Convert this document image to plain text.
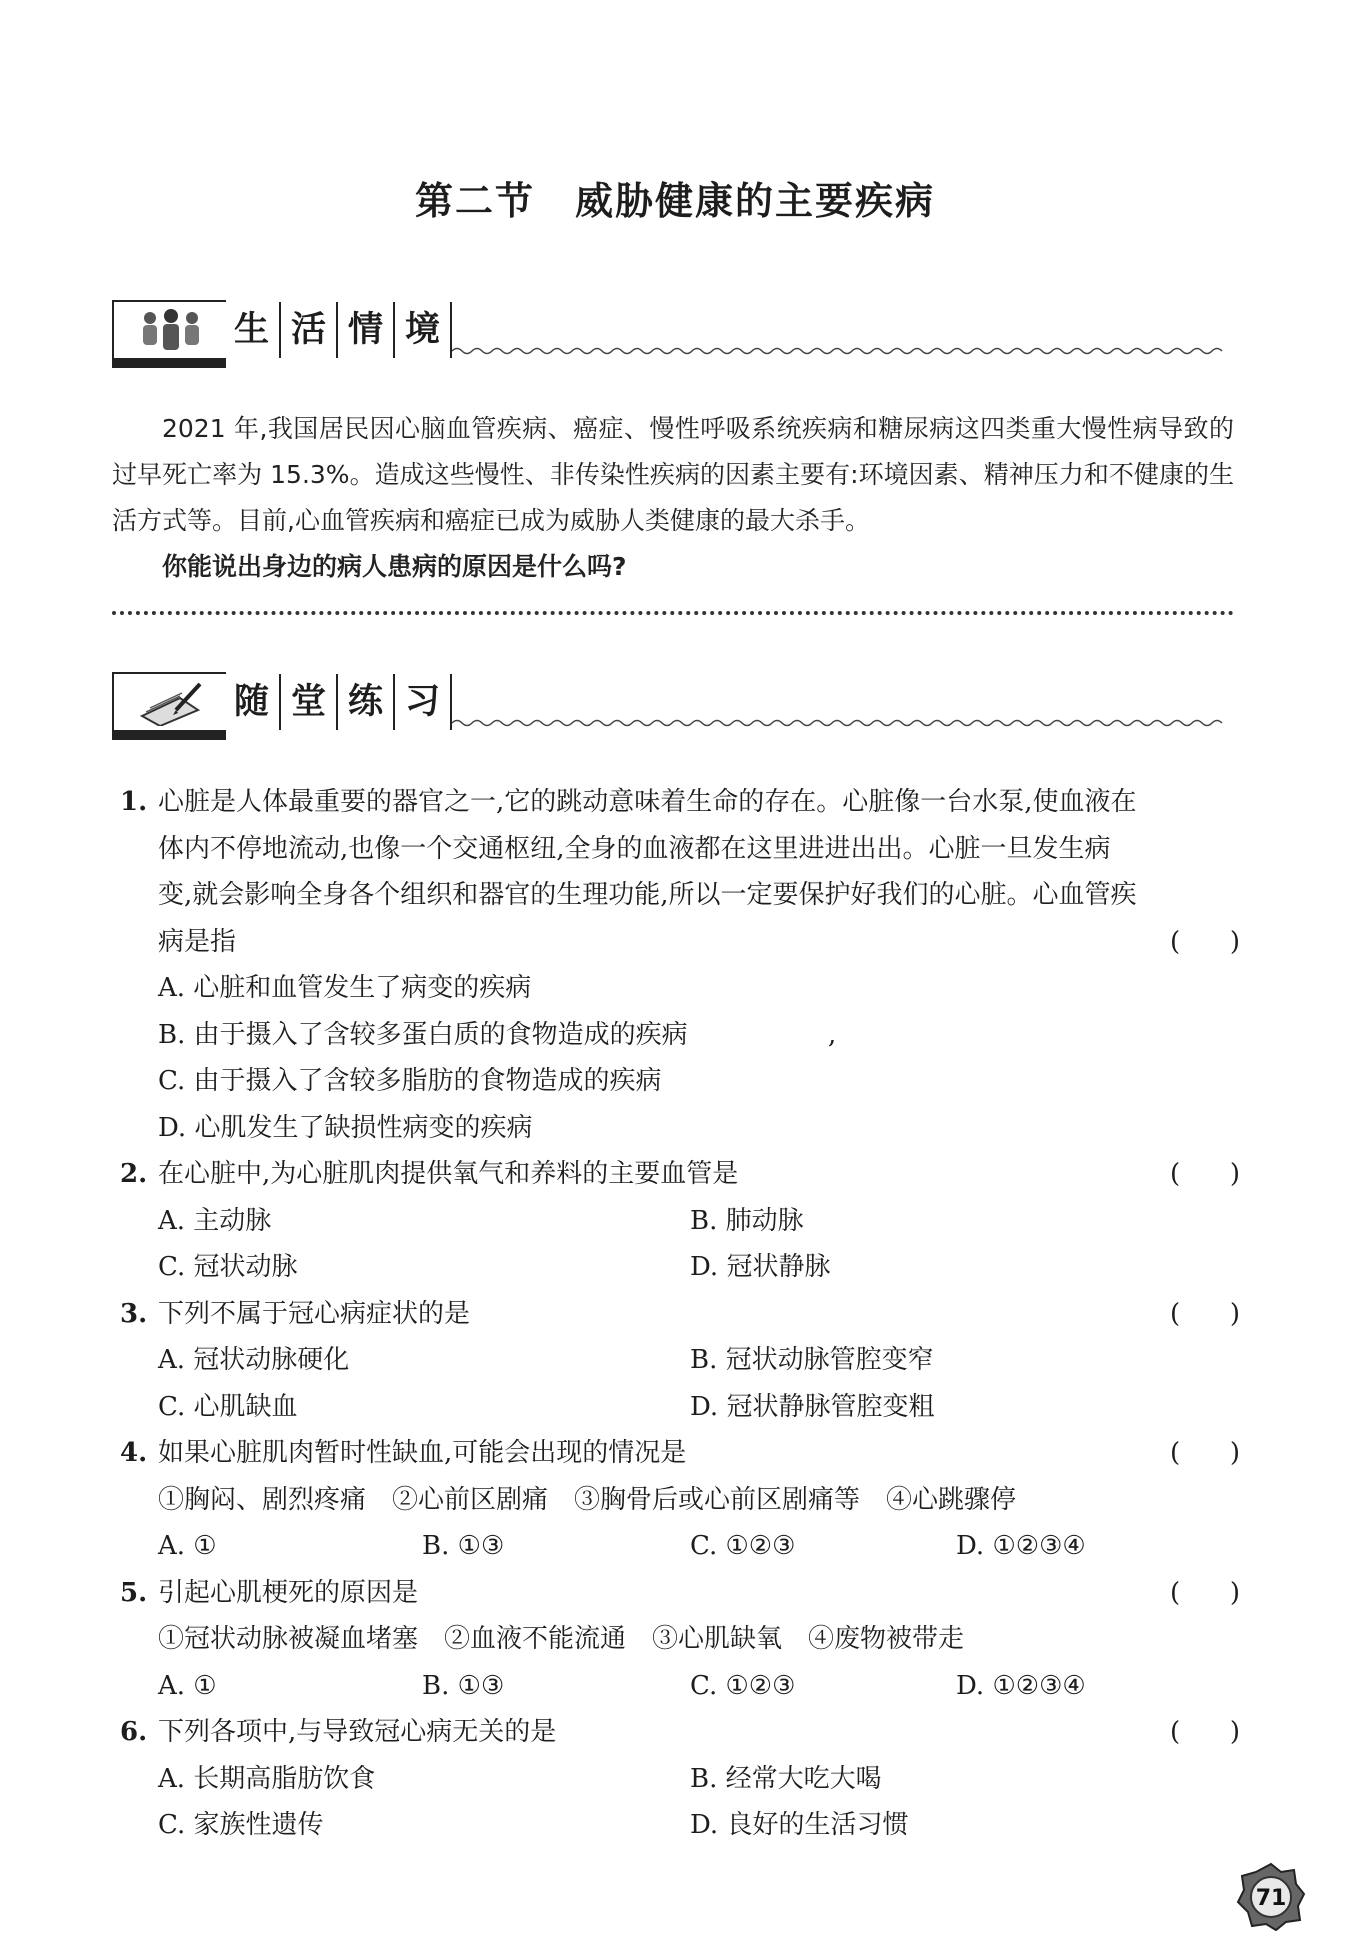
第二节 威胁健康的主要疾病
生 活 情 境

2021 年,我国居民因心脑血管疾病、癌症、慢性呼吸系统疾病和糖尿病这四类重大慢性病导致的过早死亡率为 15.3%。造成这些慢性、非传染性疾病的因素主要有:环境因素、精神压力和不健康的生活方式等。目前,心血管疾病和癌症已成为威胁人类健康的最大杀手。

你能说出身边的病人患病的原因是什么吗?

随 堂 练 习
1. 心脏是人体最重要的器官之一,它的跳动意味着生命的存在。心脏像一台水泵,使血液在
体内不停地流动,也像一个交通枢纽,全身的血液都在这里进进出出。心脏一旦发生病
变,就会影响全身各个组织和器官的生理功能,所以一定要保护好我们的心脏。心血管疾
病是指	( )
A. 心脏和血管发生了病变的疾病
B. 由于摄入了含较多蛋白质的食物造成的疾病	,
C. 由于摄入了含较多脂肪的食物造成的疾病
D. 心肌发生了缺损性病变的疾病
2. 在心脏中,为心脏肌肉提供氧气和养料的主要血管是	( )
A. 主动脉	B. 肺动脉
C. 冠状动脉	D. 冠状静脉
3. 下列不属于冠心病症状的是	( )
A. 冠状动脉硬化	B. 冠状动脉管腔变窄
C. 心肌缺血	D. 冠状静脉管腔变粗
4. 如果心脏肌肉暂时性缺血,可能会出现的情况是	( )
①胸闷、剧烈疼痛　②心前区剧痛　③胸骨后或心前区剧痛等　④心跳骤停
A. ①	B. ①③	C. ①②③	D. ①②③④
5. 引起心肌梗死的原因是	( )
①冠状动脉被凝血堵塞　②血液不能流通　③心肌缺氧　④废物被带走
A. ①	B. ①③	C. ①②③	D. ①②③④
6. 下列各项中,与导致冠心病无关的是	( )
A. 长期高脂肪饮食	B. 经常大吃大喝
C. 家族性遗传	D. 良好的生活习惯
71
